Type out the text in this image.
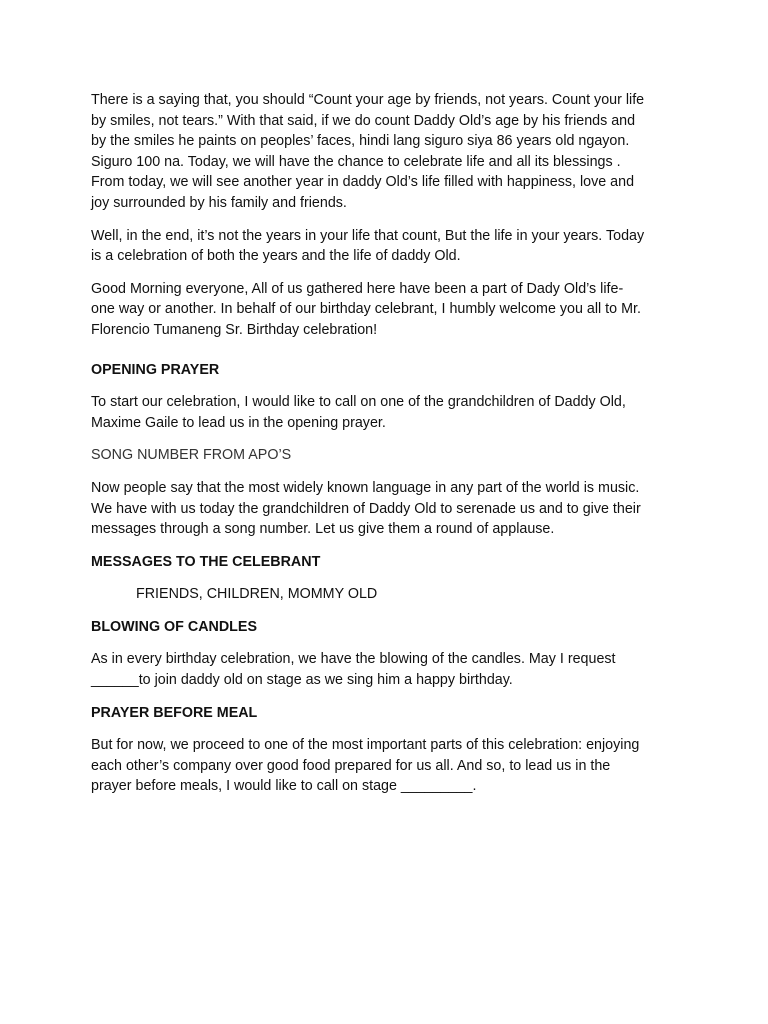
There is a saying that, you should “Count your age by friends, not years. Count your life
by smiles, not tears.” With that said, if we do count Daddy Old’s age by his friends and
by the smiles he paints on peoples’ faces, hindi lang siguro siya 86 years old ngayon.
Siguro 100 na. Today, we will have the chance to celebrate life and all its blessings .
From today, we will see another year in daddy Old’s life filled with happiness, love and
joy surrounded by his family and friends.
Well, in the end, it’s not the years in your life that count, But the life in your years. Today
is a celebration of both the years and the life of daddy Old.
Good Morning everyone, All of us gathered here have been a part of Dady Old’s life-
one way or another. In behalf of our birthday celebrant, I humbly welcome you all to Mr.
Florencio Tumaneng Sr. Birthday celebration!
OPENING PRAYER
To start our celebration, I would like to call on one of the grandchildren of Daddy Old,
Maxime Gaile to lead us in the opening prayer.
SONG NUMBER FROM APO’S
Now people say that the most widely known language in any part of the world is music.
We have with us today the grandchildren of Daddy Old to serenade us and to give their
messages through a song number. Let us give them a round of applause.
MESSAGES TO THE CELEBRANT
FRIENDS, CHILDREN, MOMMY OLD
BLOWING OF CANDLES
As in every birthday celebration, we have the blowing of the candles. May I request
______to join daddy old on stage as we sing him a happy birthday.
PRAYER BEFORE MEAL
But for now, we proceed to one of the most important parts of this celebration: enjoying
each other’s company over good food prepared for us all. And so, to lead us in the
prayer before meals, I would like to call on stage _________.
